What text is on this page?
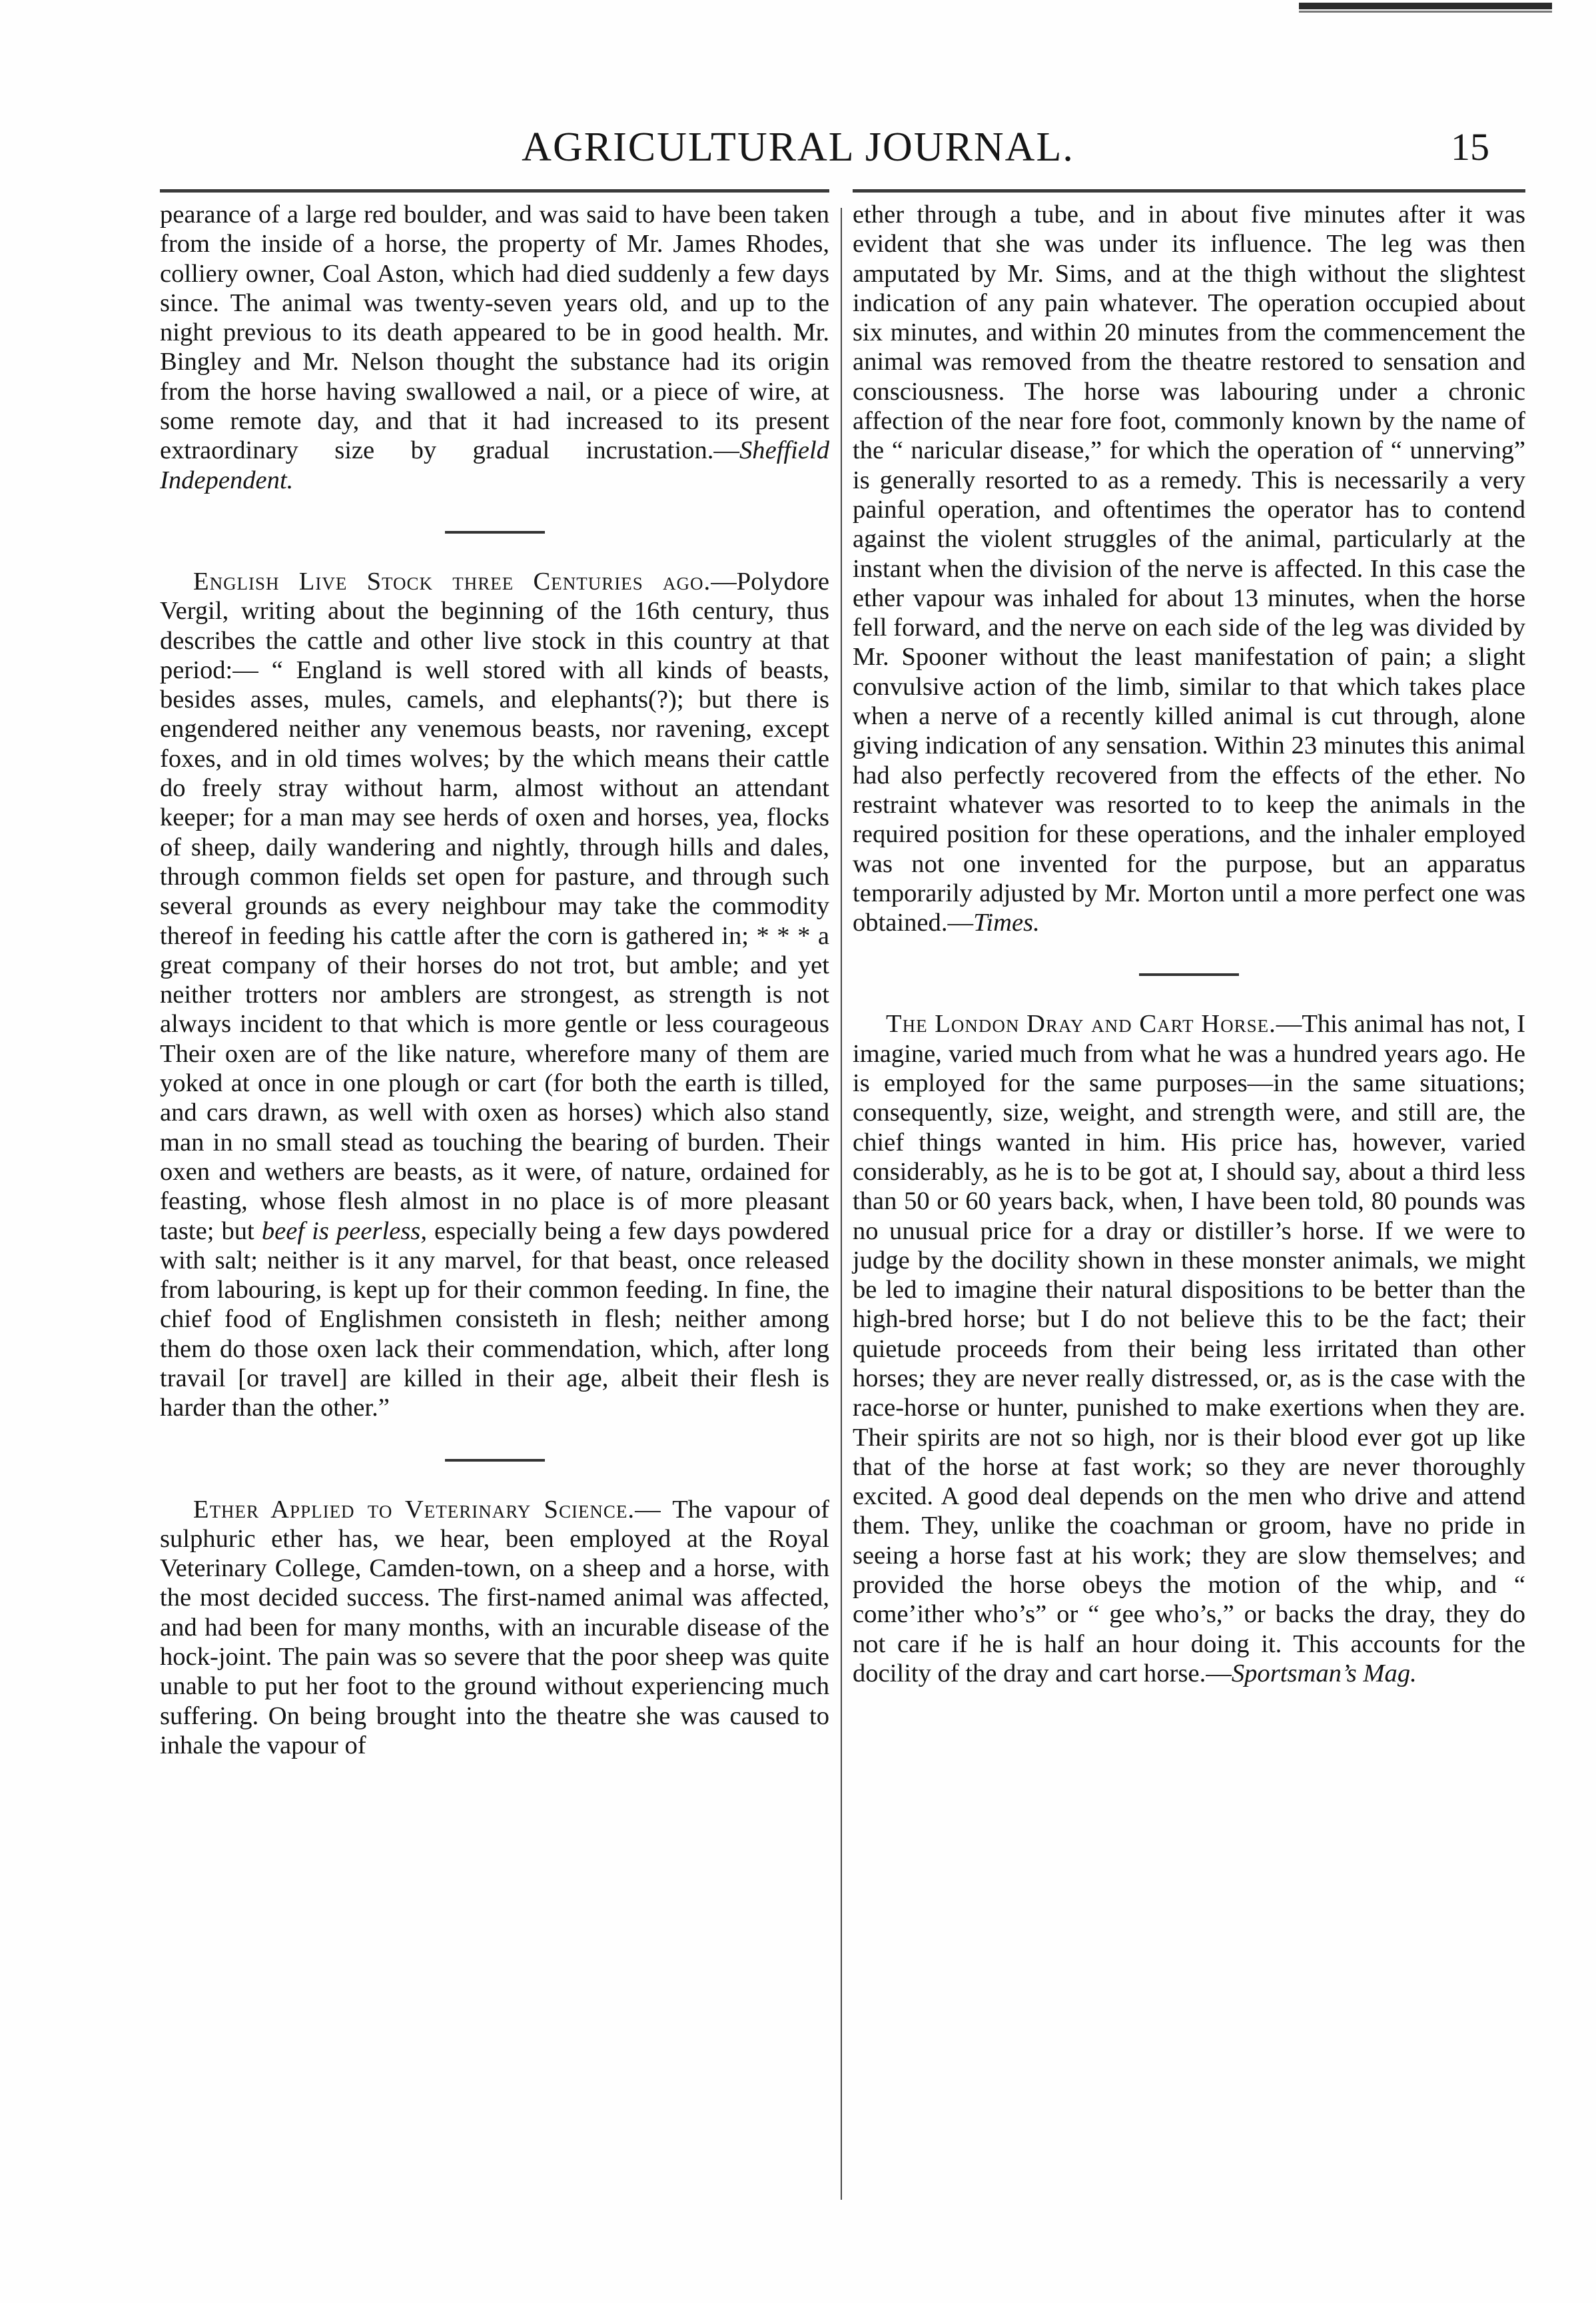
AGRICULTURAL JOURNAL.	15

pearance of a large red boulder, and was said to have been taken from the inside of a horse, the property of Mr. James Rhodes, colliery owner, Coal Aston, which had died suddenly a few days since. The animal was twenty-seven years old, and up to the night previous to its death appeared to be in good health. Mr. Bingley and Mr. Nelson thought the substance had its origin from the horse having swallowed a nail, or a piece of wire, at some remote day, and that it had increased to its present extraordinary size by gradual incrustation.—Sheffield Independent.

English Live Stock three Centuries ago.—Polydore Vergil, writing about the beginning of the 16th century, thus describes the cattle and other live stock in this country at that period:— “ England is well stored with all kinds of beasts, besides asses, mules, camels, and elephants(?); but there is engendered neither any venemous beasts, nor ravening, except foxes, and in old times wolves; by the which means their cattle do freely stray without harm, almost without an attendant keeper; for a man may see herds of oxen and horses, yea, flocks of sheep, daily wandering and nightly, through hills and dales, through common fields set open for pasture, and through such several grounds as every neighbour may take the commodity thereof in feeding his cattle after the corn is gathered in; * * * a great company of their horses do not trot, but amble; and yet neither trotters nor amblers are strongest, as strength is not always incident to that which is more gentle or less courageous Their oxen are of the like nature, wherefore many of them are yoked at once in one plough or cart (for both the earth is tilled, and cars drawn, as well with oxen as horses) which also stand man in no small stead as touching the bearing of burden. Their oxen and wethers are beasts, as it were, of nature, ordained for feasting, whose flesh almost in no place is of more pleasant taste; but beef is peerless, especially being a few days powdered with salt; neither is it any marvel, for that beast, once released from labouring, is kept up for their common feeding. In fine, the chief food of Englishmen consisteth in flesh; neither among them do those oxen lack their commendation, which, after long travail [or travel] are killed in their age, albeit their flesh is harder than the other.”

Ether Applied to Veterinary Science.— The vapour of sulphuric ether has, we hear, been employed at the Royal Veterinary College, Camden-town, on a sheep and a horse, with the most decided success. The first-named animal was affected, and had been for many months, with an incurable disease of the hock-joint. The pain was so severe that the poor sheep was quite unable to put her foot to the ground without experiencing much suffering. On being brought into the theatre she was caused to inhale the vapour of

ether through a tube, and in about five minutes after it was evident that she was under its influence. The leg was then amputated by Mr. Sims, and at the thigh without the slightest indication of any pain whatever. The operation occupied about six minutes, and within 20 minutes from the commencement the animal was removed from the theatre restored to sensation and consciousness. The horse was labouring under a chronic affection of the near fore foot, commonly known by the name of the “ naricular disease,” for which the operation of “ unnerving” is generally resorted to as a remedy. This is necessarily a very painful operation, and oftentimes the operator has to contend against the violent struggles of the animal, particularly at the instant when the division of the nerve is affected. In this case the ether vapour was inhaled for about 13 minutes, when the horse fell forward, and the nerve on each side of the leg was divided by Mr. Spooner without the least manifestation of pain; a slight convulsive action of the limb, similar to that which takes place when a nerve of a recently killed animal is cut through, alone giving indication of any sensation. Within 23 minutes this animal had also perfectly recovered from the effects of the ether. No restraint whatever was resorted to to keep the animals in the required position for these operations, and the inhaler employed was not one invented for the purpose, but an apparatus temporarily adjusted by Mr. Morton until a more perfect one was obtained.—Times.

The London Dray and Cart Horse.—This animal has not, I imagine, varied much from what he was a hundred years ago. He is employed for the same purposes—in the same situations; consequently, size, weight, and strength were, and still are, the chief things wanted in him. His price has, however, varied considerably, as he is to be got at, I should say, about a third less than 50 or 60 years back, when, I have been told, 80 pounds was no unusual price for a dray or distiller’s horse. If we were to judge by the docility shown in these monster animals, we might be led to imagine their natural dispositions to be better than the high-bred horse; but I do not believe this to be the fact; their quietude proceeds from their being less irritated than other horses; they are never really distressed, or, as is the case with the race-horse or hunter, punished to make exertions when they are. Their spirits are not so high, nor is their blood ever got up like that of the horse at fast work; so they are never thoroughly excited. A good deal depends on the men who drive and attend them. They, unlike the coachman or groom, have no pride in seeing a horse fast at his work; they are slow themselves; and provided the horse obeys the motion of the whip, and “ come’ither who’s” or “ gee who’s,” or backs the dray, they do not care if he is half an hour doing it. This accounts for the docility of the dray and cart horse.—Sportsman’s Mag.
